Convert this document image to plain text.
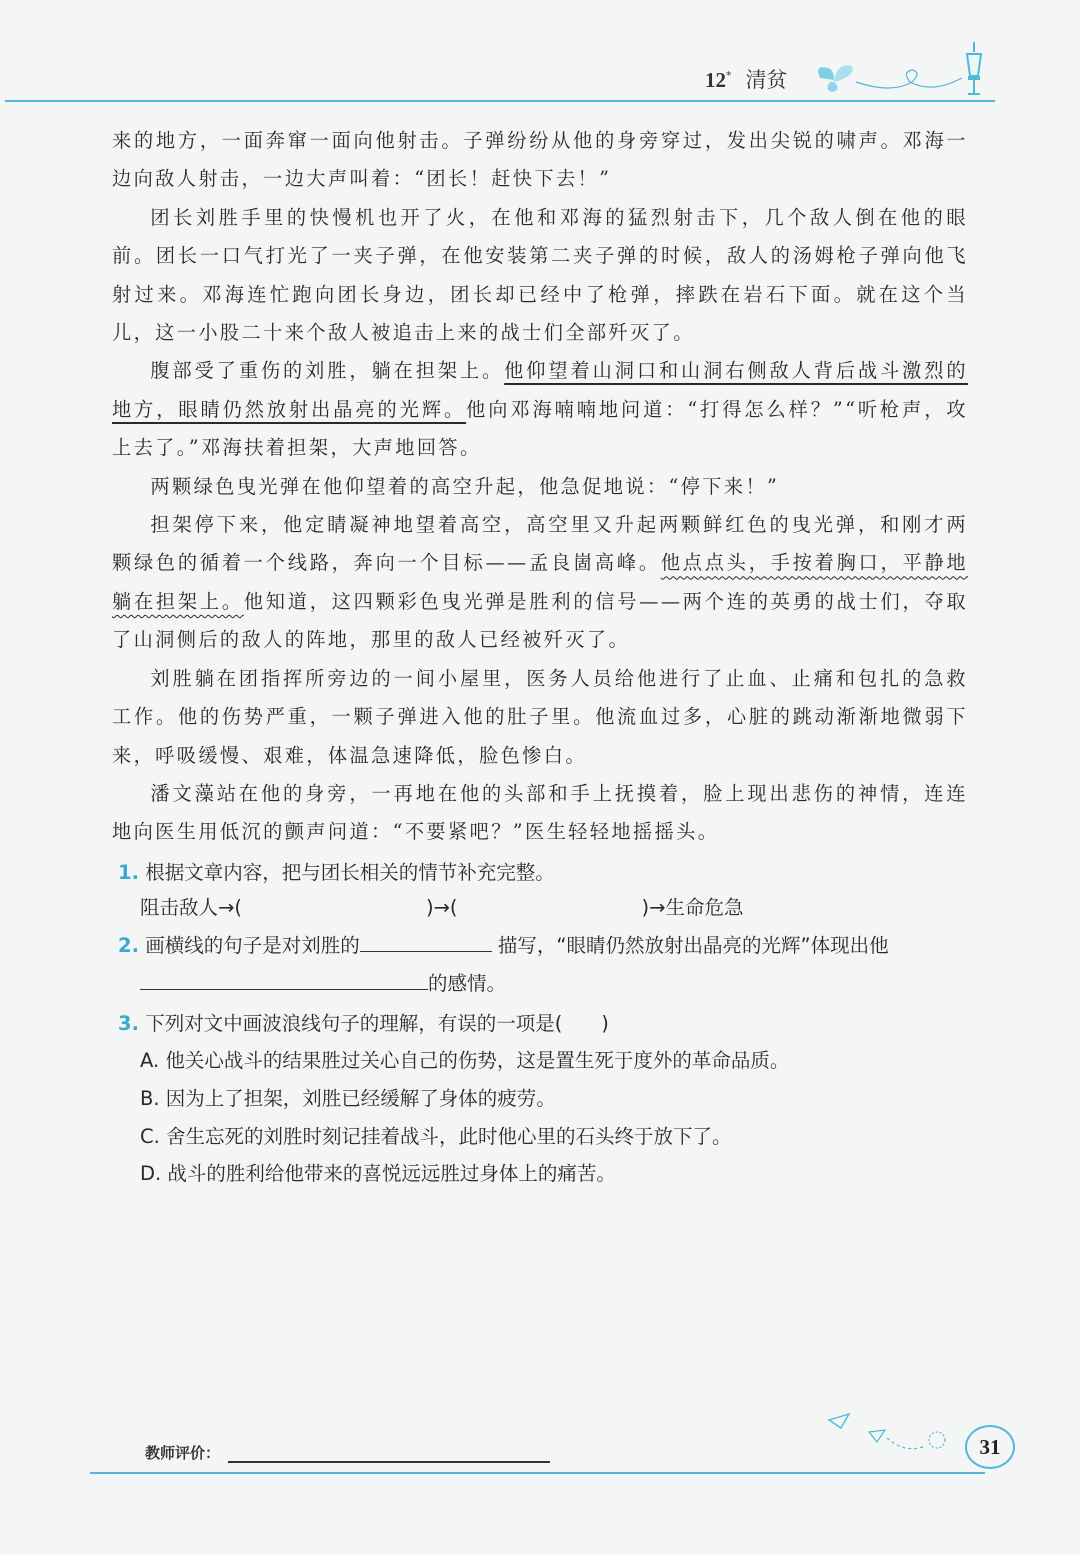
12* 清贫

来的地方，一面奔窜一面向他射击。子弹纷纷从他的身旁穿过，发出尖锐的啸声。邓海一边向敌人射击，一边大声叫着：“团长！赶快下去！”

团长刘胜手里的快慢机也开了火，在他和邓海的猛烈射击下，几个敌人倒在他的眼前。团长一口气打光了一夹子弹，在他安装第二夹子弹的时候，敌人的汤姆枪子弹向他飞射过来。邓海连忙跑向团长身边，团长却已经中了枪弹，摔跌在岩石下面。就在这个当儿，这一小股二十来个敌人被追击上来的战士们全部歼灭了。

腹部受了重伤的刘胜，躺在担架上。他仰望着山洞口和山洞右侧敌人背后战斗激烈的地方，眼睛仍然放射出晶亮的光辉。他向邓海喃喃地问道：“打得怎么样？”“听枪声，攻上去了。”邓海扶着担架，大声地回答。

两颗绿色曳光弹在他仰望着的高空升起，他急促地说：“停下来！”

担架停下来，他定睛凝神地望着高空，高空里又升起两颗鲜红色的曳光弹，和刚才两颗绿色的循着一个线路，奔向一个目标——孟良崮高峰。他点点头，手按着胸口，平静地躺在担架上。他知道，这四颗彩色曳光弹是胜利的信号——两个连的英勇的战士们，夺取了山洞侧后的敌人的阵地，那里的敌人已经被歼灭了。

刘胜躺在团指挥所旁边的一间小屋里，医务人员给他进行了止血、止痛和包扎的急救工作。他的伤势严重，一颗子弹进入他的肚子里。他流血过多，心脏的跳动渐渐地微弱下来，呼吸缓慢、艰难，体温急速降低，脸色惨白。

潘文藻站在他的身旁，一再地在他的头部和手上抚摸着，脸上现出悲伤的神情，连连地向医生用低沉的颤声问道：“不要紧吧？”医生轻轻地摇摇头。

1. 根据文章内容，把与团长相关的情节补充完整。
阻击敌人→(	)→(	)→生命危急
2. 画横线的句子是对刘胜的	描写，“眼睛仍然放射出晶亮的光辉”体现出他
的感情。
3. 下列对文中画波浪线句子的理解，有误的一项是(　　)
A. 他关心战斗的结果胜过关心自己的伤势，这是置生死于度外的革命品质。
B. 因为上了担架，刘胜已经缓解了身体的疲劳。
C. 舍生忘死的刘胜时刻记挂着战斗，此时他心里的石头终于放下了。
D. 战斗的胜利给他带来的喜悦远远胜过身体上的痛苦。
教师评价：	31
